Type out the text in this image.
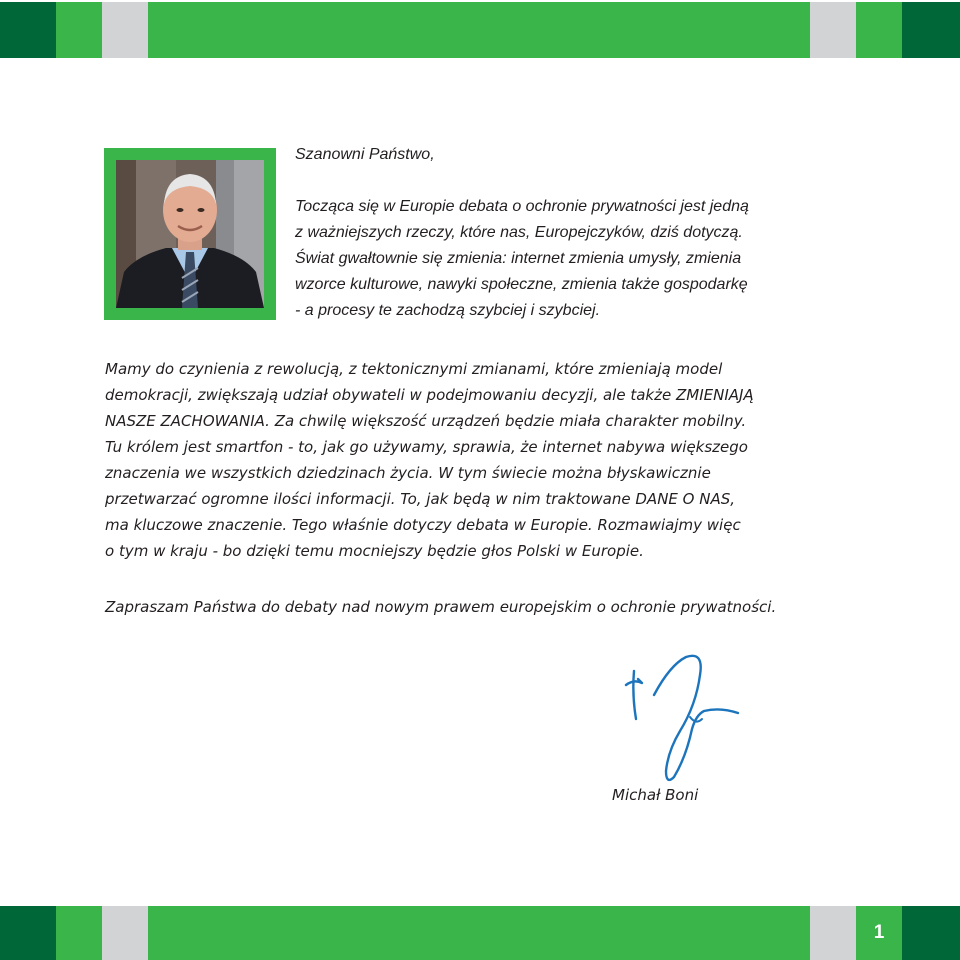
Szanowni Państwo,

Tocząca się w Europie debata o ochronie prywatności jest jedną

z ważniejszych rzeczy, które nas, Europejczyków, dziś dotyczą.

Świat gwałtownie się zmienia: internet zmienia umysły, zmienia

wzorce kulturowe, nawyki społeczne, zmienia także gospodarkę

- a procesy te zachodzą szybciej i szybciej.

Mamy do czynienia z rewolucją, z tektonicznymi zmianami, które zmieniają model

demokracji, zwiększają udział obywateli w podejmowaniu decyzji, ale także ZMIENIAJĄ

NASZE ZACHOWANIA. Za chwilę większość urządzeń będzie miała charakter mobilny.

Tu królem jest smartfon - to, jak go używamy, sprawia, że internet nabywa większego

znaczenia we wszystkich dziedzinach życia. W tym świecie można błyskawicznie

przetwarzać ogromne ilości informacji. To, jak będą w nim traktowane DANE O NAS,

ma kluczowe znaczenie. Tego właśnie dotyczy debata w Europie. Rozmawiajmy więc

o tym w kraju - bo dzięki temu mocniejszy będzie głos Polski w Europie.

Zapraszam Państwa do debaty nad nowym prawem europejskim o ochronie prywatności.

Michał Boni

1
